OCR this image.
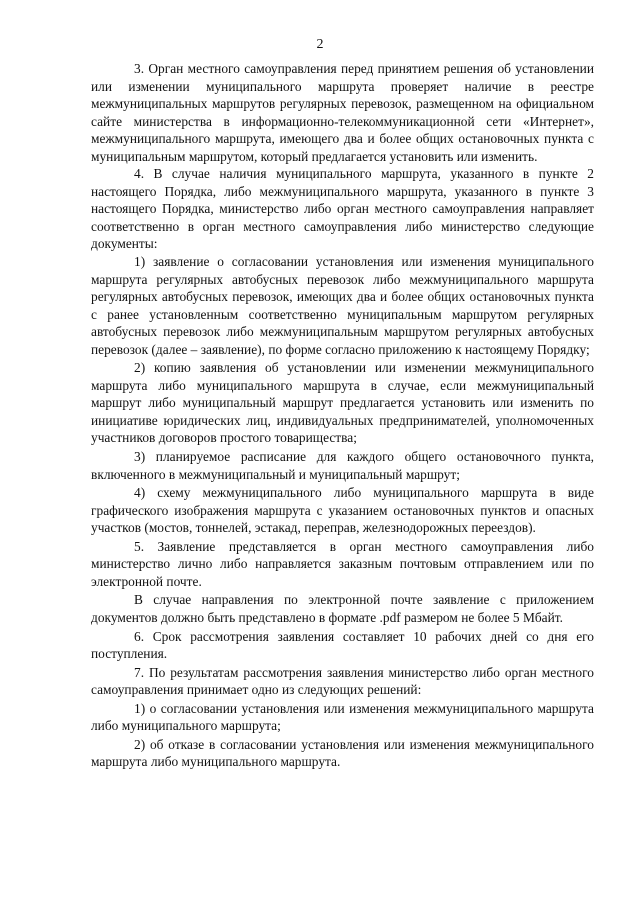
2

3. Орган местного самоуправления перед принятием решения об установлении или изменении муниципального маршрута проверяет наличие в реестре межмуниципальных маршрутов регулярных перевозок, размещенном на официальном сайте министерства в информационно-телекоммуникационной сети «Интернет», межмуниципального маршрута, имеющего два и более общих остановочных пункта с муниципальным маршрутом, который предлагается установить или изменить.

4. В случае наличия муниципального маршрута, указанного в пункте 2 настоящего Порядка, либо межмуниципального маршрута, указанного в пункте 3 настоящего Порядка, министерство либо орган местного самоуправления направляет соответственно в орган местного самоуправления либо министерство следующие документы:

1) заявление о согласовании установления или изменения муниципального маршрута регулярных автобусных перевозок либо межмуниципального маршрута регулярных автобусных перевозок, имеющих два и более общих остановочных пункта с ранее установленным соответственно муниципальным маршрутом регулярных автобусных перевозок либо межмуниципальным маршрутом регулярных автобусных перевозок (далее – заявление), по форме согласно приложению к настоящему Порядку;

2) копию заявления об установлении или изменении межмуниципального маршрута либо муниципального маршрута в случае, если межмуниципальный маршрут либо муниципальный маршрут предлагается установить или изменить по инициативе юридических лиц, индивидуальных предпринимателей, уполномоченных участников договоров простого товарищества;

3) планируемое расписание для каждого общего остановочного пункта, включенного в межмуниципальный и муниципальный маршрут;

4) схему межмуниципального либо муниципального маршрута в виде графического изображения маршрута с указанием остановочных пунктов и опасных участков (мостов, тоннелей, эстакад, переправ, железнодорожных переездов).

5. Заявление представляется в орган местного самоуправления либо министерство лично либо направляется заказным почтовым отправлением или по электронной почте.

В случае направления по электронной почте заявление с приложением документов должно быть представлено в формате .pdf размером не более 5 Мбайт.

6. Срок рассмотрения заявления составляет 10 рабочих дней со дня его поступления.

7. По результатам рассмотрения заявления министерство либо орган местного самоуправления принимает одно из следующих решений:

1) о согласовании установления или изменения межмуниципального маршрута либо муниципального маршрута;

2) об отказе в согласовании установления или изменения межмуниципального маршрута либо муниципального маршрута.
